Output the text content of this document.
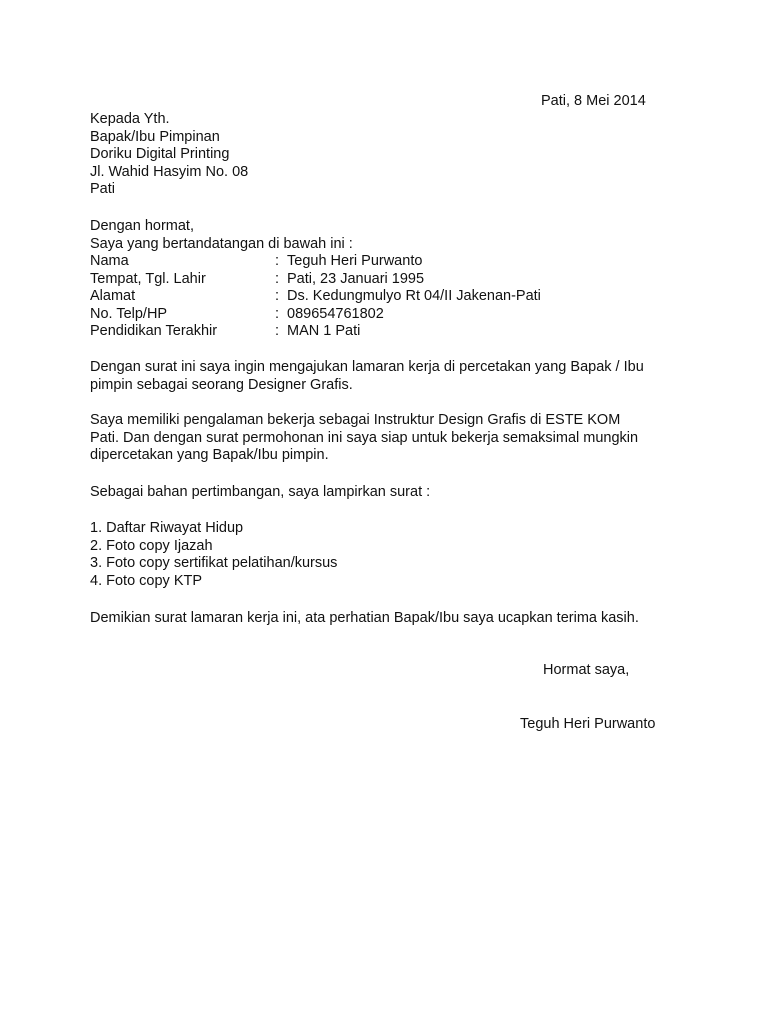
Pati, 8 Mei 2014
Kepada Yth.
Bapak/Ibu Pimpinan
Doriku Digital Printing
Jl. Wahid Hasyim No. 08
Pati
Dengan hormat,
Saya yang bertandatangan di bawah ini :
Nama	: Teguh Heri Purwanto
Tempat, Tgl. Lahir	: Pati, 23 Januari 1995
Alamat	: Ds. Kedungmulyo Rt 04/II Jakenan-Pati
No. Telp/HP	: 089654761802
Pendidikan Terakhir	: MAN 1 Pati
Dengan surat ini saya ingin mengajukan lamaran kerja di percetakan yang Bapak / Ibu
pimpin sebagai seorang Designer Grafis.
Saya memiliki pengalaman bekerja sebagai Instruktur Design Grafis di ESTE KOM
Pati. Dan dengan surat permohonan ini saya siap untuk bekerja semaksimal mungkin
dipercetakan yang Bapak/Ibu pimpin.
Sebagai bahan pertimbangan, saya lampirkan surat :
1. Daftar Riwayat Hidup
2. Foto copy Ijazah
3. Foto copy sertifikat pelatihan/kursus
4. Foto copy KTP
Demikian surat lamaran kerja ini, ata perhatian Bapak/Ibu saya ucapkan terima kasih.
Hormat saya,
Teguh Heri Purwanto
